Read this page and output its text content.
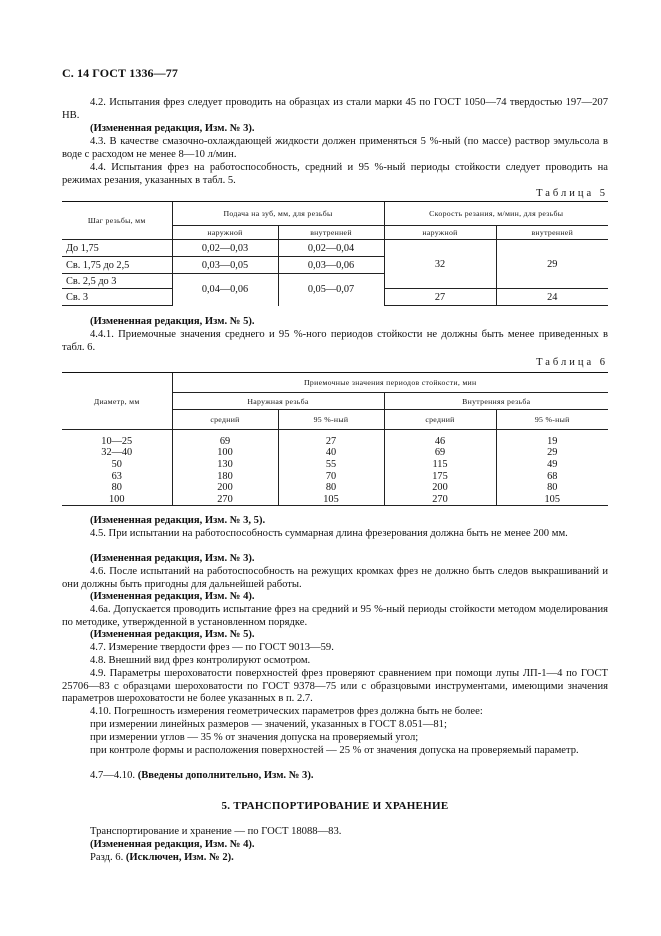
С. 14 ГОСТ 1336—77
4.2. Испытания фрез следует проводить на образцах из стали марки 45 по ГОСТ 1050—74 твердостью 197—207 НВ.
(Измененная редакция, Изм. № 3).
4.3. В качестве смазочно-охлаждающей жидкости должен применяться 5 %-ный (по массе) раствор эмульсола в воде с расходом не менее 8—10 л/мин.
4.4. Испытания фрез на работоспособность, средний и 95 %-ный периоды стойкости следует проводить на режимах резания, указанных в табл. 5.
Таблица 5
Шаг резьбы, мм	Подача на зуб, мм, для резьбы		Скорость резания, м/мин, для резьбы	
	наружной	внутренней	наружной	внутренней
До 1,75	0,02—0,03	0,02—0,04	32	29
Св. 1,75 до 2,5	0,03—0,05	0,03—0,06		
Св. 2,5 до 3	0,04—0,06	0,05—0,07		
Св. 3			27	24
(Измененная редакция, Изм. № 5).
4.4.1. Приемочные значения среднего и 95 %-ного периодов стойкости не должны быть менее приведенных в табл. 6.
Таблица 6
Диаметр, мм	Приемочные значения периодов стойкости, мин			
	Наружная резьба		Внутренняя резьба	
	средний	95 %-ный	средний	95 %-ный

10—25	69	27	46	19
32—40	100	40	69	29
50	130	55	115	49
63	180	70	175	68
80	200	80	200	80
100	270	105	270	105
(Измененная редакция, Изм. № 3, 5).
4.5. При испытании на работоспособность суммарная длина фрезерования должна быть не менее 200 мм.
(Измененная редакция, Изм. № 3).
4.6. После испытаний на работоспособность на режущих кромках фрез не должно быть следов выкрашиваний и они должны быть пригодны для дальнейшей работы.
(Измененная редакция, Изм. № 4).
4.6а. Допускается проводить испытание фрез на средний и 95 %-ный периоды стойкости методом моделирования по методике, утвержденной в установленном порядке.
(Измененная редакция, Изм. № 5).
4.7. Измерение твердости фрез — по ГОСТ 9013—59.
4.8. Внешний вид фрез контролируют осмотром.
4.9. Параметры шероховатости поверхностей фрез проверяют сравнением при помощи лупы ЛП-1—4 по ГОСТ 25706—83 с образцами шероховатости по ГОСТ 9378—75 или с образцовыми инструментами, имеющими значения параметров шероховатости не более указанных в п. 2.7.
4.10. Погрешность измерения геометрических параметров фрез должна быть не более:
при измерении линейных размеров — значений, указанных в ГОСТ 8.051—81;
при измерении углов — 35 % от значения допуска на проверяемый угол;
при контроле формы и расположения поверхностей — 25 % от значения допуска на проверяемый параметр.
4.7—4.10. (Введены дополнительно, Изм. № 3).
5. ТРАНСПОРТИРОВАНИЕ И ХРАНЕНИЕ
Транспортирование и хранение — по ГОСТ 18088—83.
(Измененная редакция, Изм. № 4).
Разд. 6. (Исключен, Изм. № 2).
